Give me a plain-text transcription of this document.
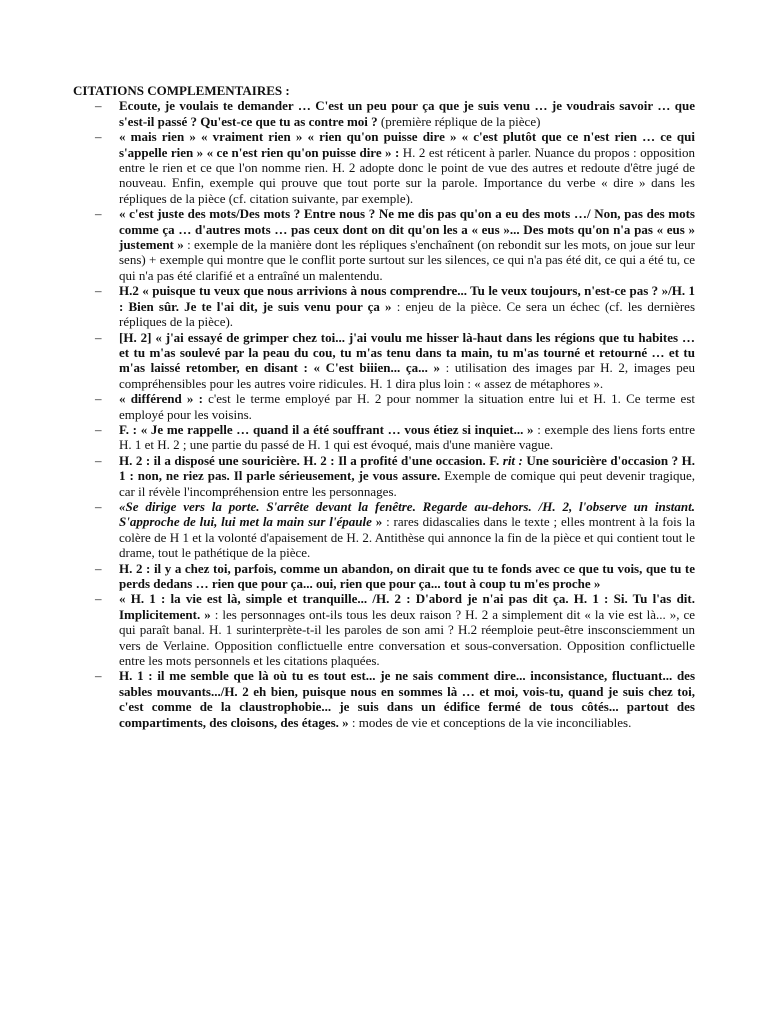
CITATIONS COMPLEMENTAIRES :

– Ecoute, je voulais te demander … C'est un peu pour ça que je suis venu … je voudrais savoir … que s'est-il passé ? Qu'est-ce que tu as contre moi ? (première réplique de la pièce)
– « mais rien » « vraiment rien » « rien qu'on puisse dire » « c'est plutôt que ce n'est rien … ce qui s'appelle rien » « ce n'est rien qu'on puisse dire » : H. 2 est réticent à parler. Nuance du propos : opposition entre le rien et ce que l'on nomme rien. H. 2 adopte donc le point de vue des autres et redoute d'être jugé de nouveau. Enfin, exemple qui prouve que tout porte sur la parole. Importance du verbe « dire » dans les répliques de la pièce (cf. citation suivante, par exemple).
– « c'est juste des mots/Des mots ? Entre nous ? Ne me dis pas qu'on a eu des mots …/ Non, pas des mots comme ça … d'autres mots … pas ceux dont on dit qu'on les a « eus »... Des mots qu'on n'a pas « eus » justement » : exemple de la manière dont les répliques s'enchaînent (on rebondit sur les mots, on joue sur leur sens) + exemple qui montre que le conflit porte surtout sur les silences, ce qui n'a pas été dit, ce qui a été tu, ce qui n'a pas été clarifié et a entraîné un malentendu.
– H.2 « puisque tu veux que nous arrivions à nous comprendre... Tu le veux toujours, n'est-ce pas ? »/H. 1 : Bien sûr. Je te l'ai dit, je suis venu pour ça » : enjeu de la pièce. Ce sera un échec (cf. les dernières répliques de la pièce).
– [H. 2] « j'ai essayé de grimper chez toi... j'ai voulu me hisser là-haut dans les régions que tu habites … et tu m'as soulevé par la peau du cou, tu m'as tenu dans ta main, tu m'as tourné et retourné … et tu m'as laissé retomber, en disant : « C'est biiien... ça... » : utilisation des images par H. 2, images peu compréhensibles pour les autres voire ridicules. H. 1 dira plus loin : « assez de métaphores ».
– « différend » : c'est le terme employé par H. 2 pour nommer la situation entre lui et H. 1. Ce terme est employé pour les voisins.
– F. : « Je me rappelle … quand il a été souffrant … vous étiez si inquiet... » : exemple des liens forts entre H. 1 et H. 2 ; une partie du passé de H. 1 qui est évoqué, mais d'une manière vague.
– H. 2 : il a disposé une souricière. H. 2 : Il a profité d'une occasion. F. rit : Une souricière d'occasion ? H. 1 : non, ne riez pas. Il parle sérieusement, je vous assure. Exemple de comique qui peut devenir tragique, car il révèle l'incompréhension entre les personnages.
– «Se dirige vers la porte. S'arrête devant la fenêtre. Regarde au-dehors. /H. 2, l'observe un instant. S'approche de lui, lui met la main sur l'épaule » : rares didascalies dans le texte ; elles montrent à la fois la colère de H 1 et la volonté d'apaisement de H. 2. Antithèse qui annonce la fin de la pièce et qui contient tout le drame, tout le pathétique de la pièce.
– H. 2 : il y a chez toi, parfois, comme un abandon, on dirait que tu te fonds avec ce que tu vois, que tu te perds dedans … rien que pour ça... oui, rien que pour ça... tout à coup tu m'es proche »
– « H. 1 : la vie est là, simple et tranquille... /H. 2 : D'abord je n'ai pas dit ça. H. 1 : Si. Tu l'as dit. Implicitement. » : les personnages ont-ils tous les deux raison ? H. 2 a simplement dit « la vie est là... », ce qui paraît banal. H. 1 surinterprète-t-il les paroles de son ami ? H.2 réemploie peut-être insconsciemment un vers de Verlaine. Opposition conflictuelle entre conversation et sous-conversation. Opposition conflictuelle entre les mots personnels et les citations plaquées.
– H. 1 : il me semble que là où tu es tout est... je ne sais comment dire... inconsistance, fluctuant... des sables mouvants.../H. 2 eh bien, puisque nous en sommes là … et moi, vois-tu, quand je suis chez toi, c'est comme de la claustrophobie... je suis dans un édifice fermé de tous côtés... partout des compartiments, des cloisons, des étages. » : modes de vie et conceptions de la vie inconciliables.
